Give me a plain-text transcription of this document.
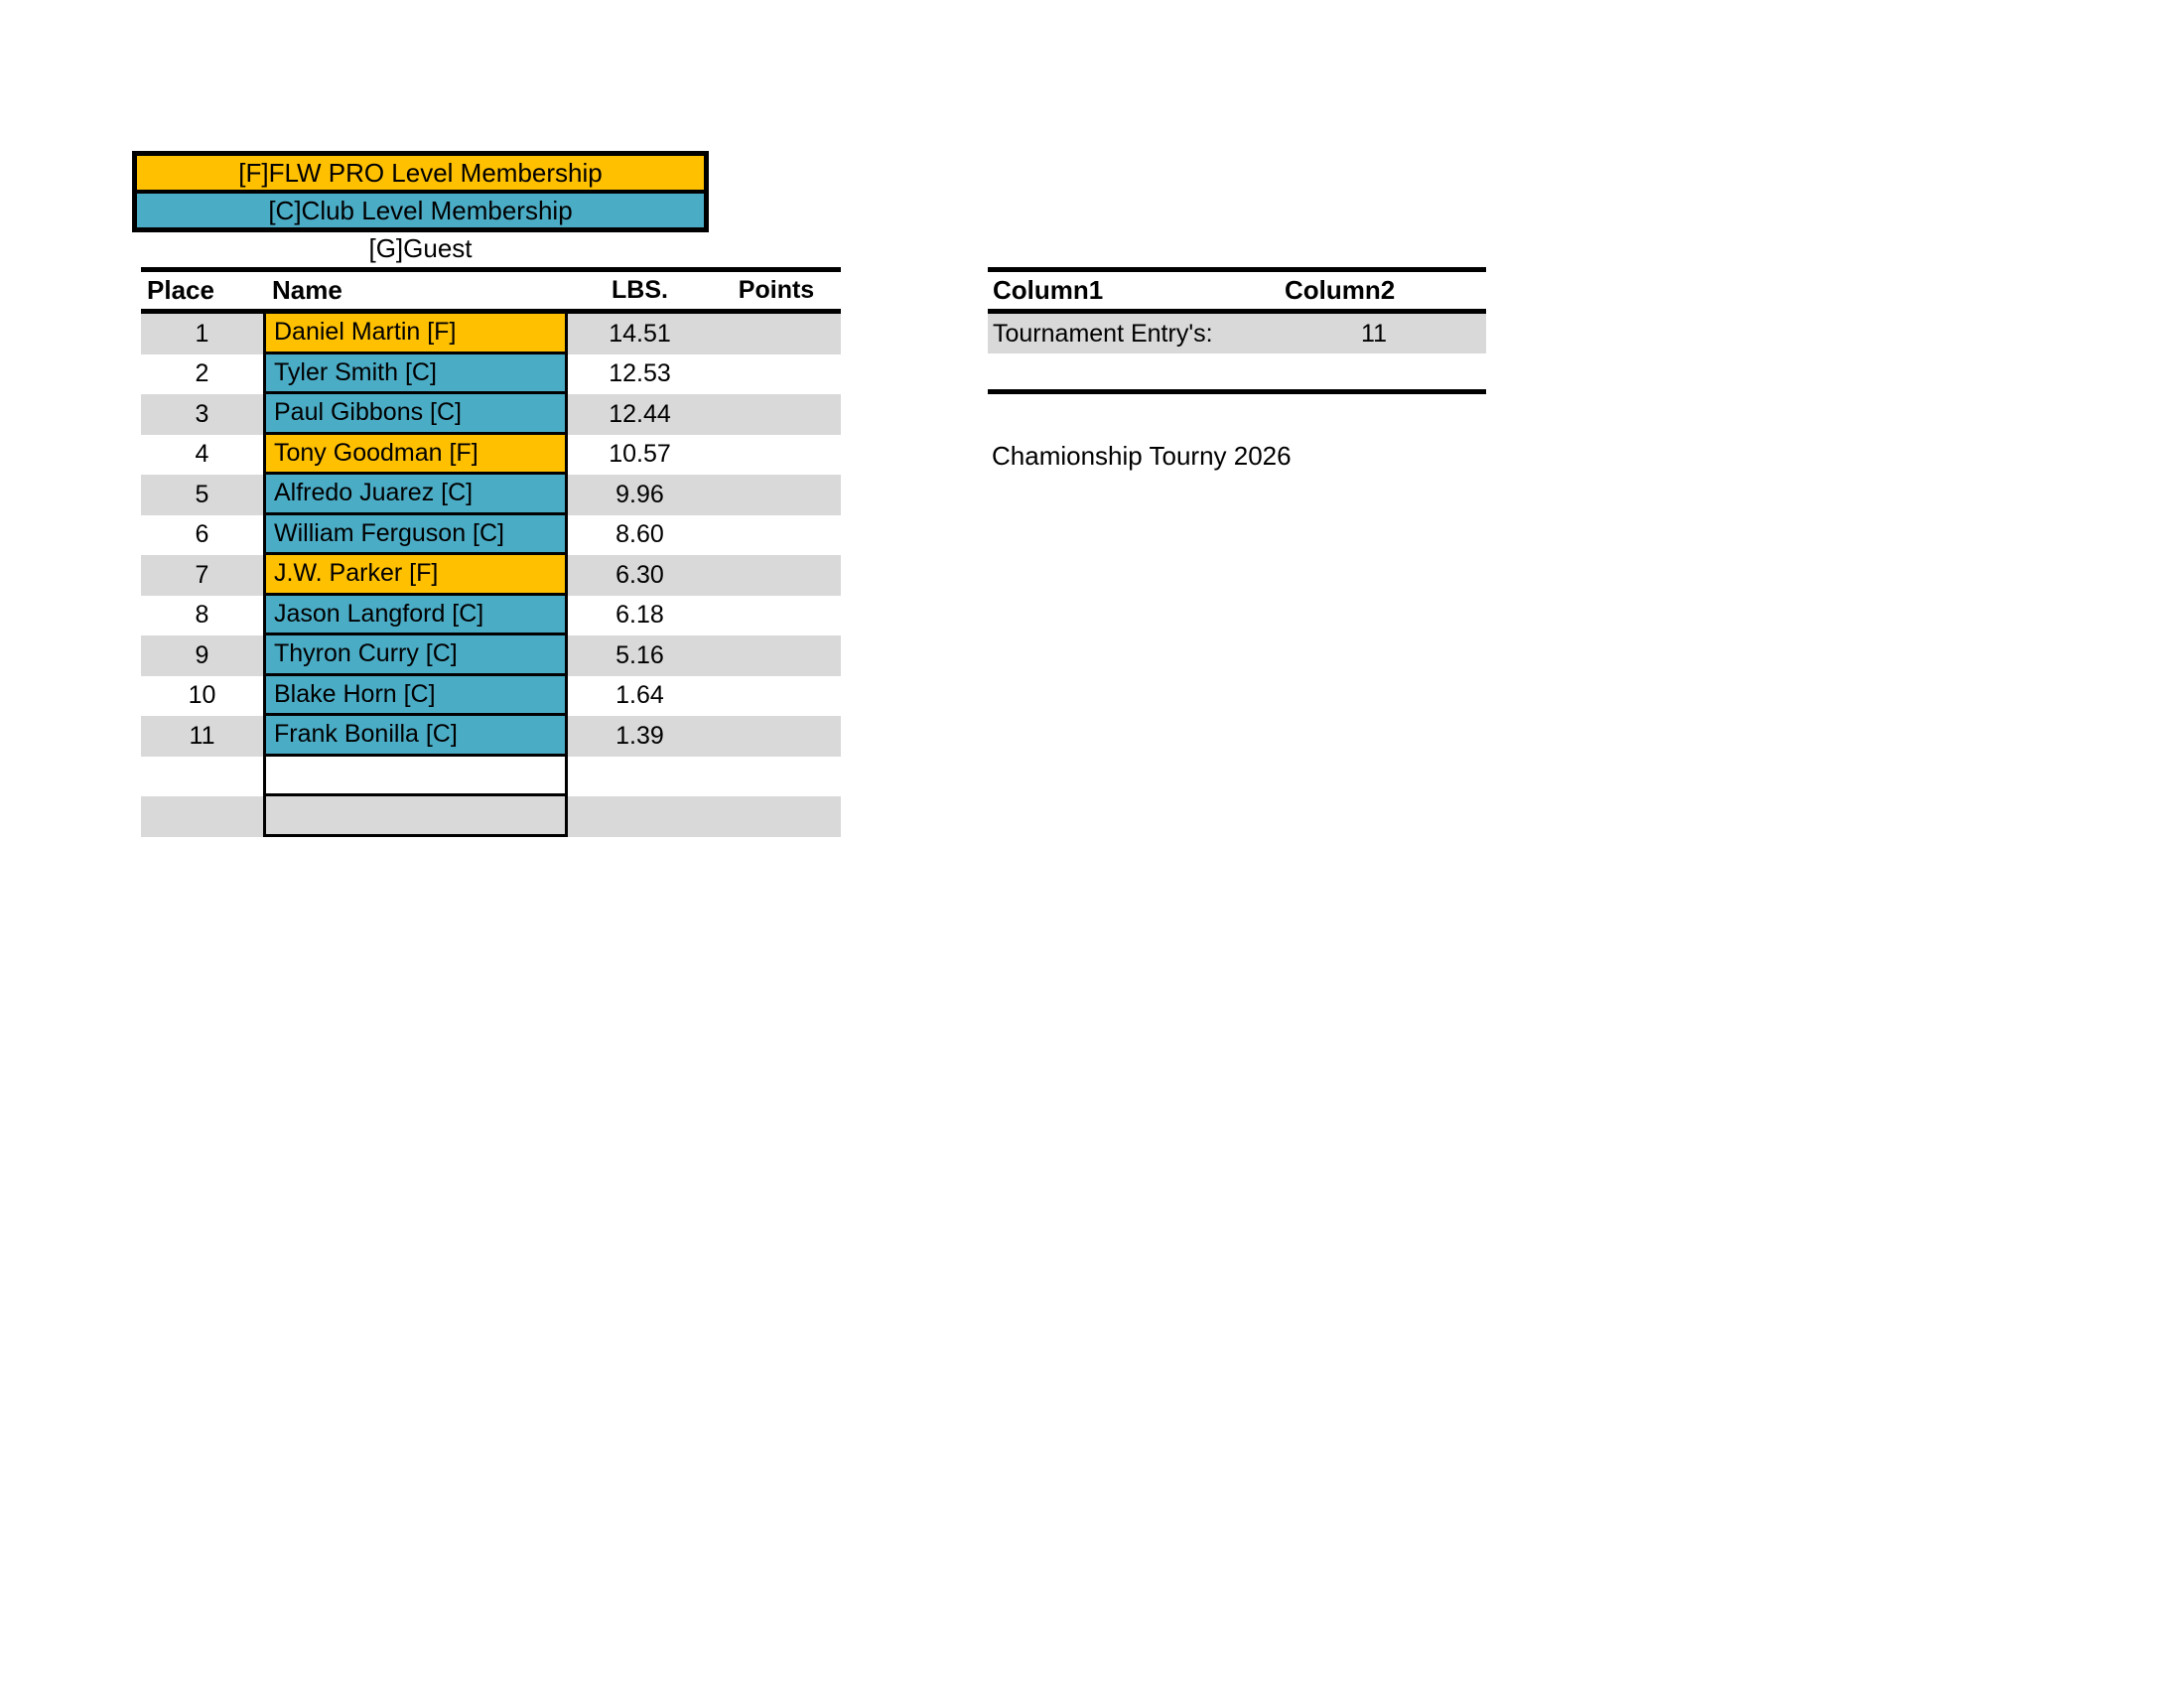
[F]FLW PRO Level Membership
[C]Club Level Membership
[G]Guest
Place	Name	LBS.	Points
1	Daniel Martin [F]	14.51
2	Tyler Smith [C]	12.53
3	Paul Gibbons [C]	12.44
4	Tony Goodman [F]	10.57
5	Alfredo Juarez [C]	9.96
6	William Ferguson [C]	8.60
7	J.W. Parker [F]	6.30
8	Jason Langford [C]	6.18
9	Thyron Curry [C]	5.16
10	Blake Horn [C]	1.64
11	Frank Bonilla [C]	1.39
Column1	Column2
Tournament Entry's:	11
Chamionship Tourny 2026
